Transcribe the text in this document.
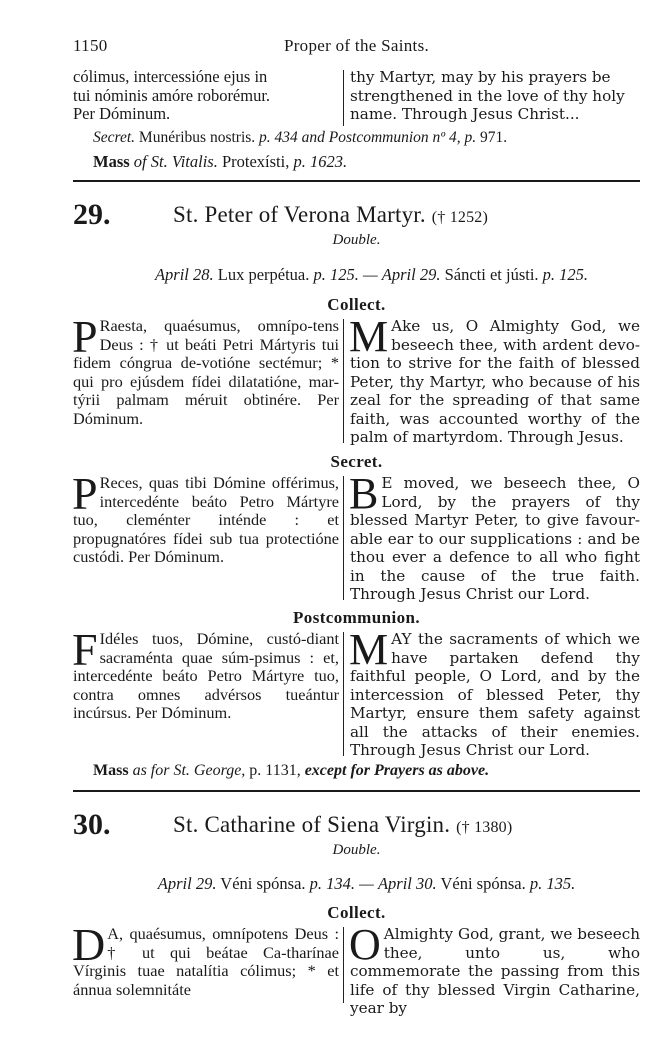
1150	Proper of the Saints.
cólimus, intercessióne ejus in
tui nóminis amóre roborémur.
Per Dóminum.
thy Martyr, may by his prayers be
strengthened in the love of thy holy
name. Through Jesus Christ...
Secret. Munéribus nostris. p. 434 and Postcommunion nº 4, p. 971.
Mass of St. Vitalis. Protexísti, p. 1623.
29.	St. Peter of Verona Martyr. († 1252)
Double.
April 28. Lux perpétua. p. 125. — April 29. Sáncti et jústi. p. 125.
Collect.
P Raesta, quaésumus, omnípo-tens Deus : † ut beáti Petri Mártyris tui fidem cóngrua de-votióne sectémur; * qui pro ejúsdem fídei dilatatióne, mar-týrii palmam méruit obtinére. Per Dóminum.
M Ake us, O Almighty God, we beseech thee, with ardent devo-tion to strive for the faith of blessed Peter, thy Martyr, who because of his zeal for the spreading of that same faith, was accounted worthy of the palm of martyrdom. Through Jesus.
Secret.
P Reces, quas tibi Dómine offérimus, intercedénte beáto Petro Mártyre tuo, cleménter inténde : et propugnatóres fídei sub tua protectióne custódi. Per Dóminum.
B E moved, we beseech thee, O Lord, by the prayers of thy blessed Martyr Peter, to give favour-able ear to our supplications : and be thou ever a defence to all who fight in the cause of the true faith. Through Jesus Christ our Lord.
Postcommunion.
F Idéles tuos, Dómine, custó-diant sacraménta quae súm-psimus : et, intercedénte beáto Petro Mártyre tuo, contra omnes advérsos tueántur incúrsus. Per Dóminum.
MAY the sacraments of which we have partaken defend thy faithful people, O Lord, and by the intercession of blessed Peter, thy Martyr, ensure them safety against all the attacks of their enemies. Through Jesus Christ our Lord.
Mass as for St. George, p. 1131, except for Prayers as above.
30.	St. Catharine of Siena Virgin. († 1380)
Double.
April 29. Véni spónsa. p. 134. — April 30. Véni spónsa. p. 135.
Collect.
D A, quaésumus, omnípotens Deus : † ut qui beátae Ca-tharínae Vírginis tuae natalítia cólimus; * et ánnua solemnitáte
O Almighty God, grant, we beseech thee, unto us, who commemorate the passing from this life of thy blessed Virgin Catharine, year by
